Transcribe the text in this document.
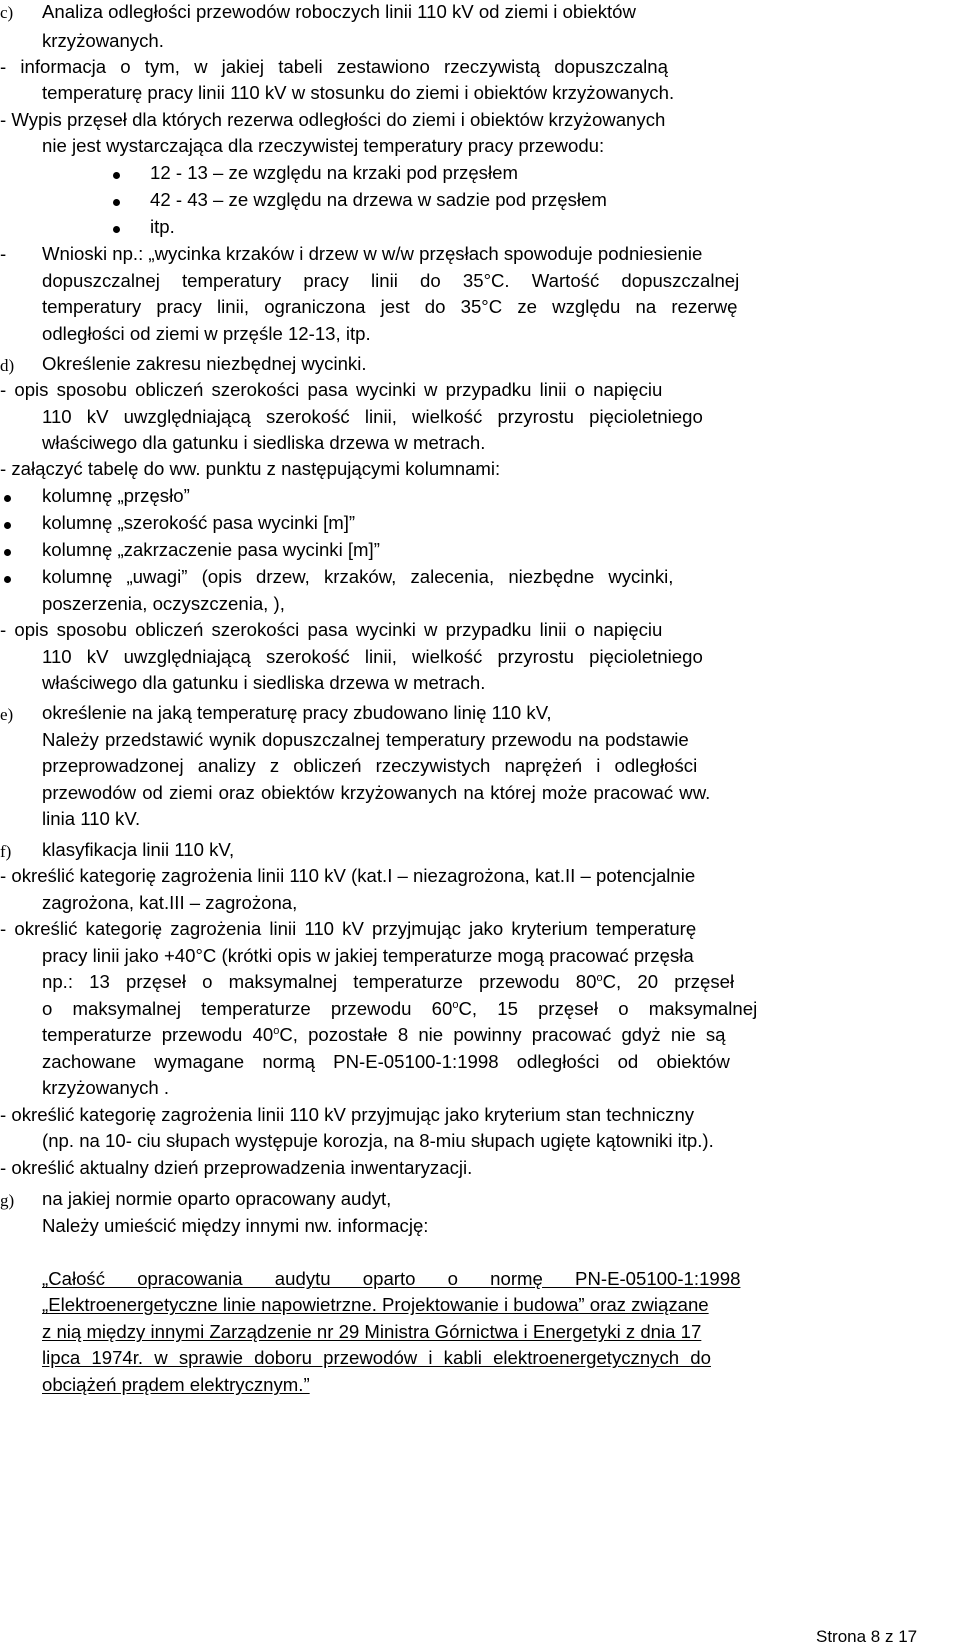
c) Analiza odległości przewodów roboczych linii 110 kV od ziemi i obiektów
krzyżowanych.
- informacja o tym, w jakiej tabeli zestawiono rzeczywistą dopuszczalną
temperaturę pracy linii 110 kV w stosunku do ziemi i obiektów krzyżowanych.
- Wypis przęseł dla których rezerwa odległości do ziemi i obiektów krzyżowanych
nie jest wystarczająca dla rzeczywistej temperatury pracy przewodu:
12 - 13 – ze względu na krzaki pod przęsłem
42 - 43 – ze względu na drzewa w sadzie pod przęsłem
itp.
- Wnioski np.: „wycinka krzaków i drzew w w/w przęsłach spowoduje podniesienie
dopuszczalnej temperatury pracy linii do 35°C. Wartość dopuszczalnej
temperatury pracy linii, ograniczona jest do 35°C ze względu na rezerwę
odległości od ziemi w przęśle 12-13, itp.
d) Określenie zakresu niezbędnej wycinki.
- opis sposobu obliczeń szerokości pasa wycinki w przypadku linii o napięciu
110 kV uwzględniającą szerokość linii, wielkość przyrostu pięcioletniego
właściwego dla gatunku i siedliska drzewa w metrach.
- załączyć tabelę do ww. punktu z następującymi kolumnami:
kolumnę „przęsło”
kolumnę „szerokość pasa wycinki [m]”
kolumnę „zakrzaczenie pasa wycinki [m]”
kolumnę „uwagi” (opis drzew, krzaków, zalecenia, niezbędne wycinki,
poszerzenia, oczyszczenia, ),
- opis sposobu obliczeń szerokości pasa wycinki w przypadku linii o napięciu
110 kV uwzględniającą szerokość linii, wielkość przyrostu pięcioletniego
właściwego dla gatunku i siedliska drzewa w metrach.
e) określenie na jaką temperaturę pracy zbudowano linię 110 kV,
Należy przedstawić wynik dopuszczalnej temperatury przewodu na podstawie
przeprowadzonej analizy z obliczeń rzeczywistych naprężeń i odległości
przewodów od ziemi oraz obiektów krzyżowanych na której może pracować ww.
linia 110 kV.
f) klasyfikacja linii 110 kV,
- określić kategorię zagrożenia linii 110 kV (kat.I – niezagrożona, kat.II – potencjalnie
zagrożona, kat.III – zagrożona,
- określić kategorię zagrożenia linii 110 kV przyjmując jako kryterium temperaturę
pracy linii jako +40°C (krótki opis w jakiej temperaturze mogą pracować przęsła
np.: 13 przęseł o maksymalnej temperaturze przewodu 80$^o$C, 20 przęseł
o maksymalnej temperaturze przewodu 60$^o$C, 15 przęseł o maksymalnej
temperaturze przewodu 40$^o$C, pozostałe 8 nie powinny pracować gdyż nie są
zachowane wymagane normą PN-E-05100-1:1998 odległości od obiektów
krzyżowanych .
- określić kategorię zagrożenia linii 110 kV przyjmując jako kryterium stan techniczny
(np. na 10- ciu słupach występuje korozja, na 8-miu słupach ugięte kątowniki itp.).
- określić aktualny dzień przeprowadzenia inwentaryzacji.
g) na jakiej normie oparto opracowany audyt,
Należy umieścić między innymi nw. informację:
„Całość opracowania audytu oparto o normę PN-E-05100-1:1998
„Elektroenergetyczne linie napowietrzne. Projektowanie i budowa” oraz związane
z nią między innymi Zarządzenie nr 29 Ministra Górnictwa i Energetyki z dnia 17
lipca 1974r. w sprawie doboru przewodów i kabli elektroenergetycznych do
obciążeń prądem elektrycznym.”
Strona 8 z 17
